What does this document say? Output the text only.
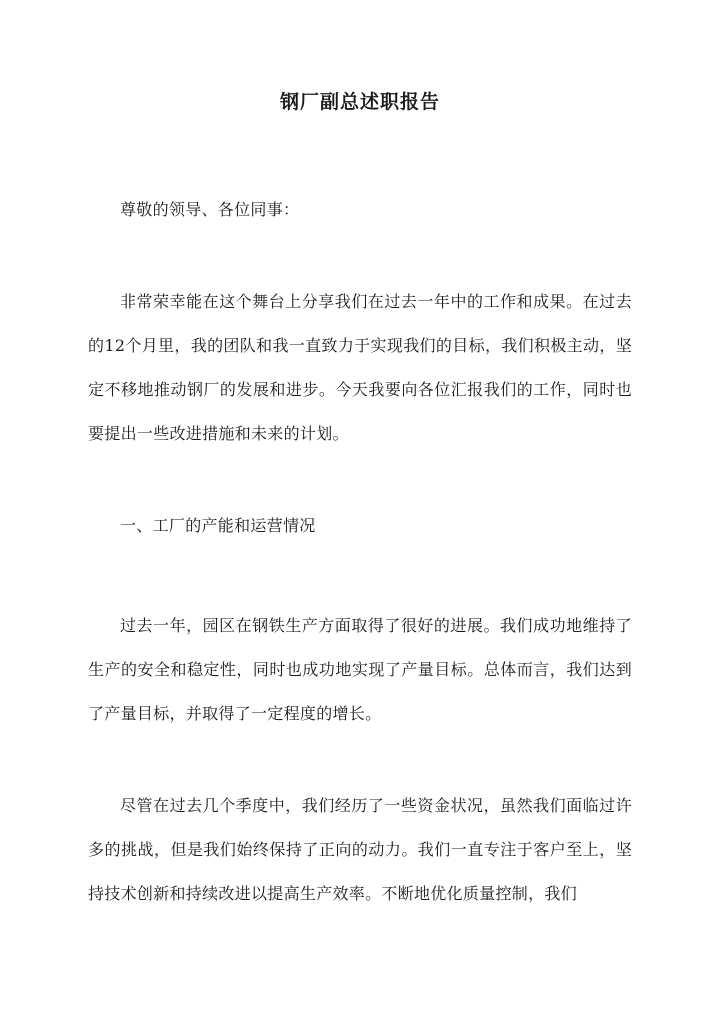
钢厂副总述职报告

尊敬的领导、各位同事：

非常荣幸能在这个舞台上分享我们在过去一年中的工作和成果。在过去的12个月里，我的团队和我一直致力于实现我们的目标，我们积极主动，坚定不移地推动钢厂的发展和进步。今天我要向各位汇报我们的工作，同时也要提出一些改进措施和未来的计划。

一、工厂的产能和运营情况

过去一年，园区在钢铁生产方面取得了很好的进展。我们成功地维持了生产的安全和稳定性，同时也成功地实现了产量目标。总体而言，我们达到了产量目标，并取得了一定程度的增长。

尽管在过去几个季度中，我们经历了一些资金状况，虽然我们面临过许多的挑战，但是我们始终保持了正向的动力。我们一直专注于客户至上，坚持技术创新和持续改进以提高生产效率。不断地优化质量控制，我们
